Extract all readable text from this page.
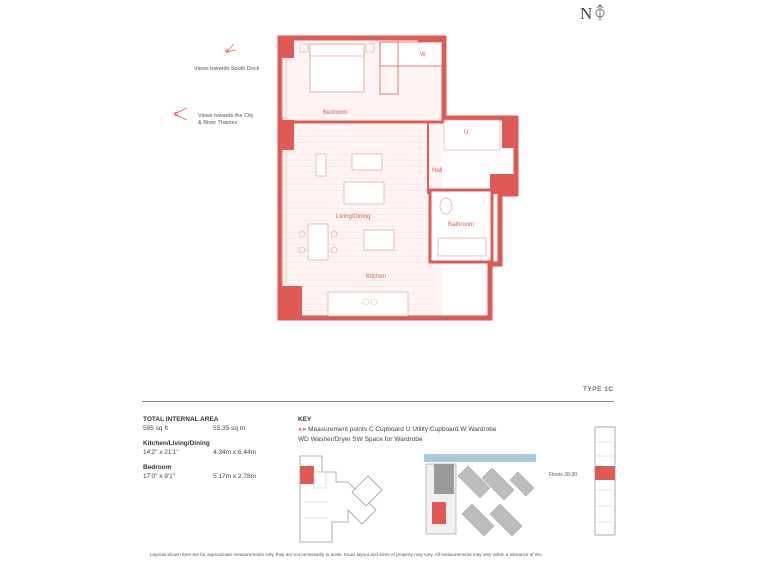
N
Views towards South Dock
Views towards the City & River Thames
Bedroom
W
U
Hall
Bathroom
Living/Dining
Kitchen
TYPE 1C
TOTAL INTERNAL AREA
595 sq ft	55.35 sq m
Kitchen/Living/Dining
14'2" x 21'1"	4.34m x 6.44m
Bedroom
17'0" x 9'1"	5.17m x 2.78m
KEY
◂ ▸ Measurement points C Cupboard U Utility Cupboard W Wardrobe
WD Washer/Dryer SW Space for Wardrobe
Floors 28-30
Layouts shown here are for approximate measurements only, they are not necessarily to scale. Exact layout and sizes of property may vary. All measurements may vary within a tolerance of 5%.
